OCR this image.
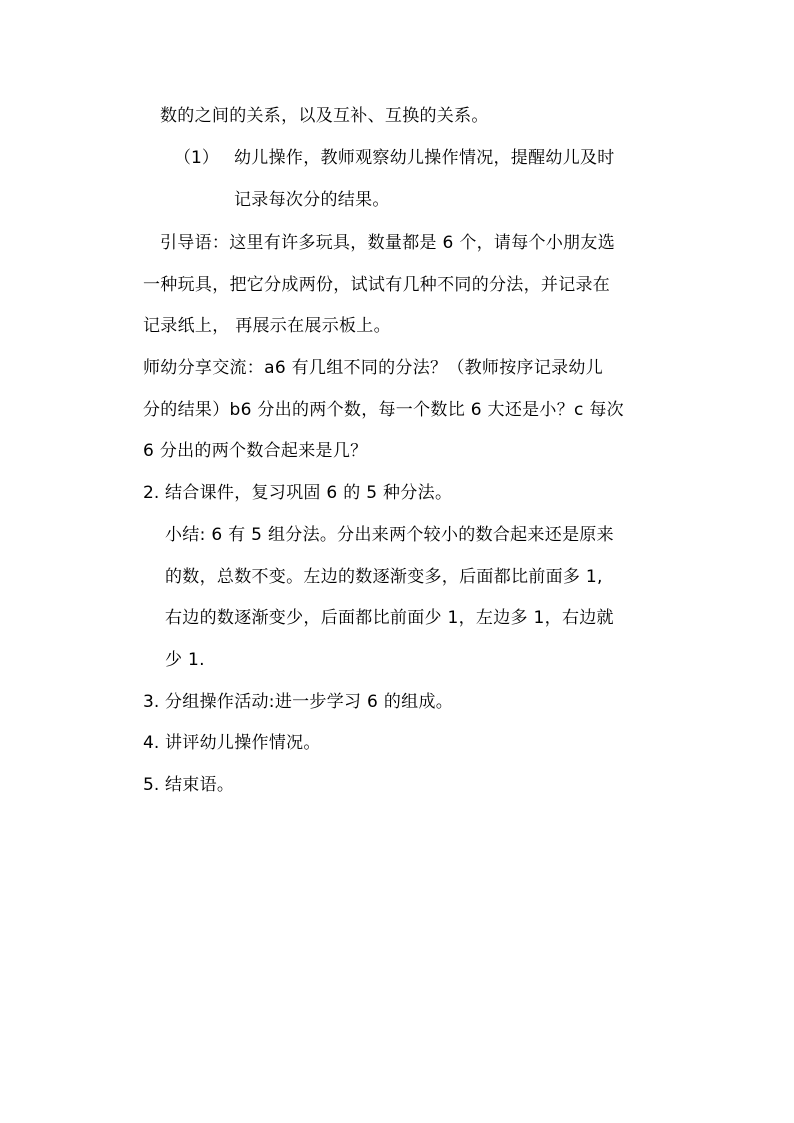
数的之间的关系，以及互补、互换的关系。
（1） 幼儿操作，教师观察幼儿操作情况，提醒幼儿及时
记录每次分的结果。
引导语：这里有许多玩具，数量都是 6 个，请每个小朋友选
一种玩具，把它分成两份，试试有几种不同的分法，并记录在
记录纸上， 再展示在展示板上。
师幼分享交流：a6 有几组不同的分法？（教师按序记录幼儿
分的结果）b6 分出的两个数，每一个数比 6 大还是小？c 每次
6 分出的两个数合起来是几？
2. 结合课件，复习巩固 6 的 5 种分法。
小结: 6 有 5 组分法。分出来两个较小的数合起来还是原来
的数，总数不变。左边的数逐渐变多，后面都比前面多 1,
右边的数逐渐变少，后面都比前面少 1，左边多 1，右边就
少 1.
3. 分组操作活动:进一步学习 6 的组成。
4. 讲评幼儿操作情况。
5. 结束语。
